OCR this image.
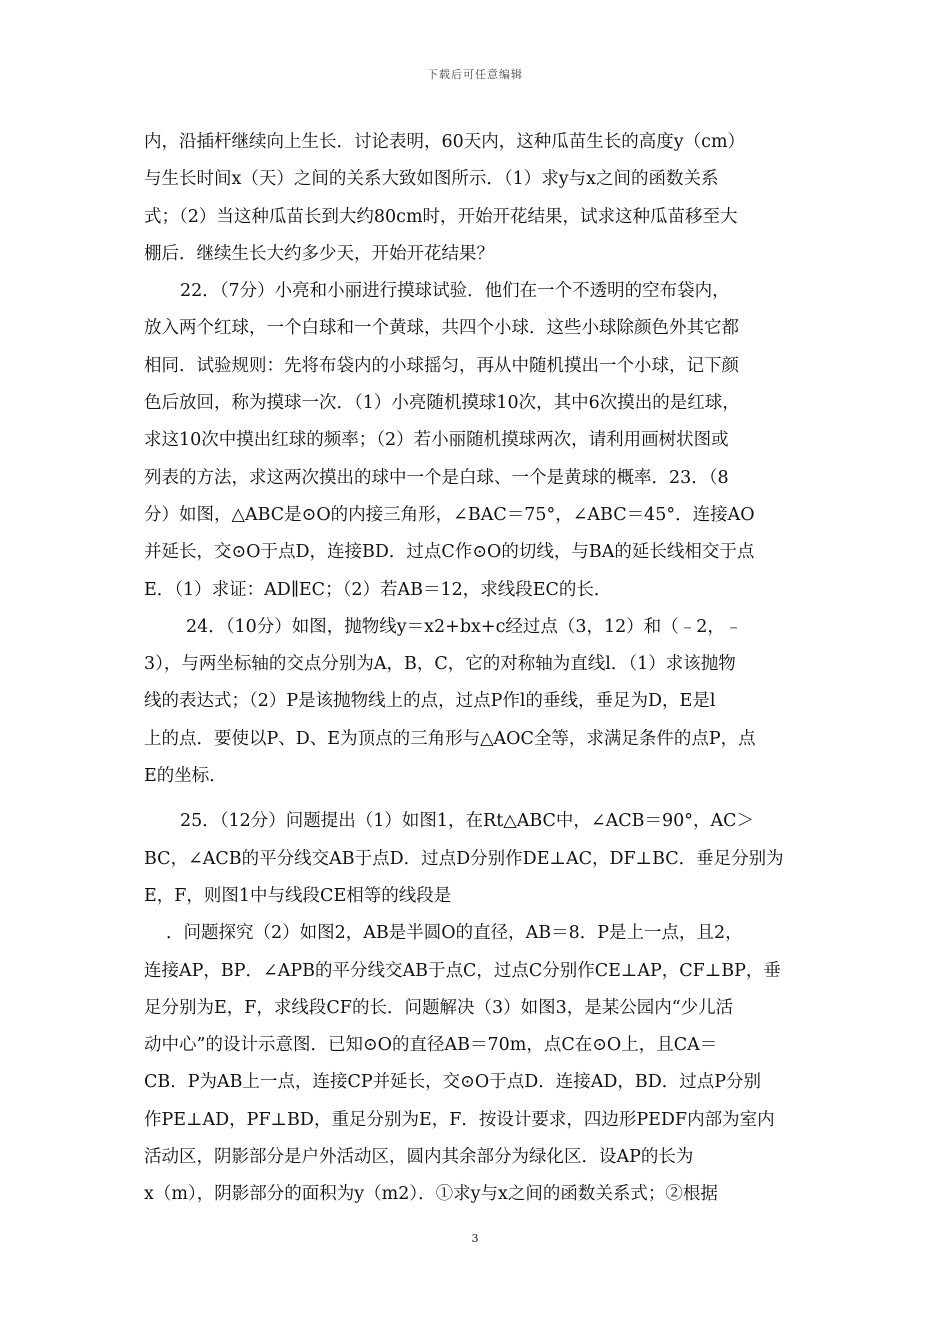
下载后可任意编辑
内，沿插杆继续向上生长．讨论表明，60天内，这种瓜苗生长的高度y（cm）
与生长时间x（天）之间的关系大致如图所示．（1）求y与x之间的函数关系
式；（2）当这种瓜苗长到大约80cm时，开始开花结果，试求这种瓜苗移至大
棚后．继续生长大约多少天，开始开花结果？
22．（7分）小亮和小丽进行摸球试验．他们在一个不透明的空布袋内，
放入两个红球，一个白球和一个黄球，共四个小球．这些小球除颜色外其它都
相同．试验规则：先将布袋内的小球摇匀，再从中随机摸出一个小球，记下颜
色后放回，称为摸球一次．（1）小亮随机摸球10次，其中6次摸出的是红球，
求这10次中摸出红球的频率；（2）若小丽随机摸球两次，请利用画树状图或
列表的方法，求这两次摸出的球中一个是白球、一个是黄球的概率．23．（8
分）如图，△ABC是⊙O的内接三角形，∠BAC＝75°，∠ABC＝45°．连接AO
并延长，交⊙O于点D，连接BD．过点C作⊙O的切线，与BA的延长线相交于点
E．（1）求证：AD∥EC；（2）若AB＝12，求线段EC的长．
24．（10分）如图，抛物线y＝x2+bx+c经过点（3，12）和（﹣2，﹣
3），与两坐标轴的交点分别为A，B，C，它的对称轴为直线l．（1）求该抛物
线的表达式；（2）P是该抛物线上的点，过点P作l的垂线，垂足为D，E是l
上的点．要使以P、D、E为顶点的三角形与△AOC全等，求满足条件的点P，点
E的坐标．
25．（12分）问题提出（1）如图1，在Rt△ABC中，∠ACB＝90°，AC＞
BC，∠ACB的平分线交AB于点D．过点D分别作DE⊥AC，DF⊥BC．垂足分别为
E，F，则图1中与线段CE相等的线段是
．问题探究（2）如图2，AB是半圆O的直径，AB＝8．P是上一点，且2，
连接AP，BP．∠APB的平分线交AB于点C，过点C分别作CE⊥AP，CF⊥BP，垂
足分别为E，F，求线段CF的长．问题解决（3）如图3，是某公园内“少儿活
动中心”的设计示意图．已知⊙O的直径AB＝70m，点C在⊙O上，且CA＝
CB．P为AB上一点，连接CP并延长，交⊙O于点D．连接AD，BD．过点P分别
作PE⊥AD，PF⊥BD，重足分别为E，F．按设计要求，四边形PEDF内部为室内
活动区，阴影部分是户外活动区，圆内其余部分为绿化区．设AP的长为
x（m），阴影部分的面积为y（m2）．①求y与x之间的函数关系式；②根据
3
